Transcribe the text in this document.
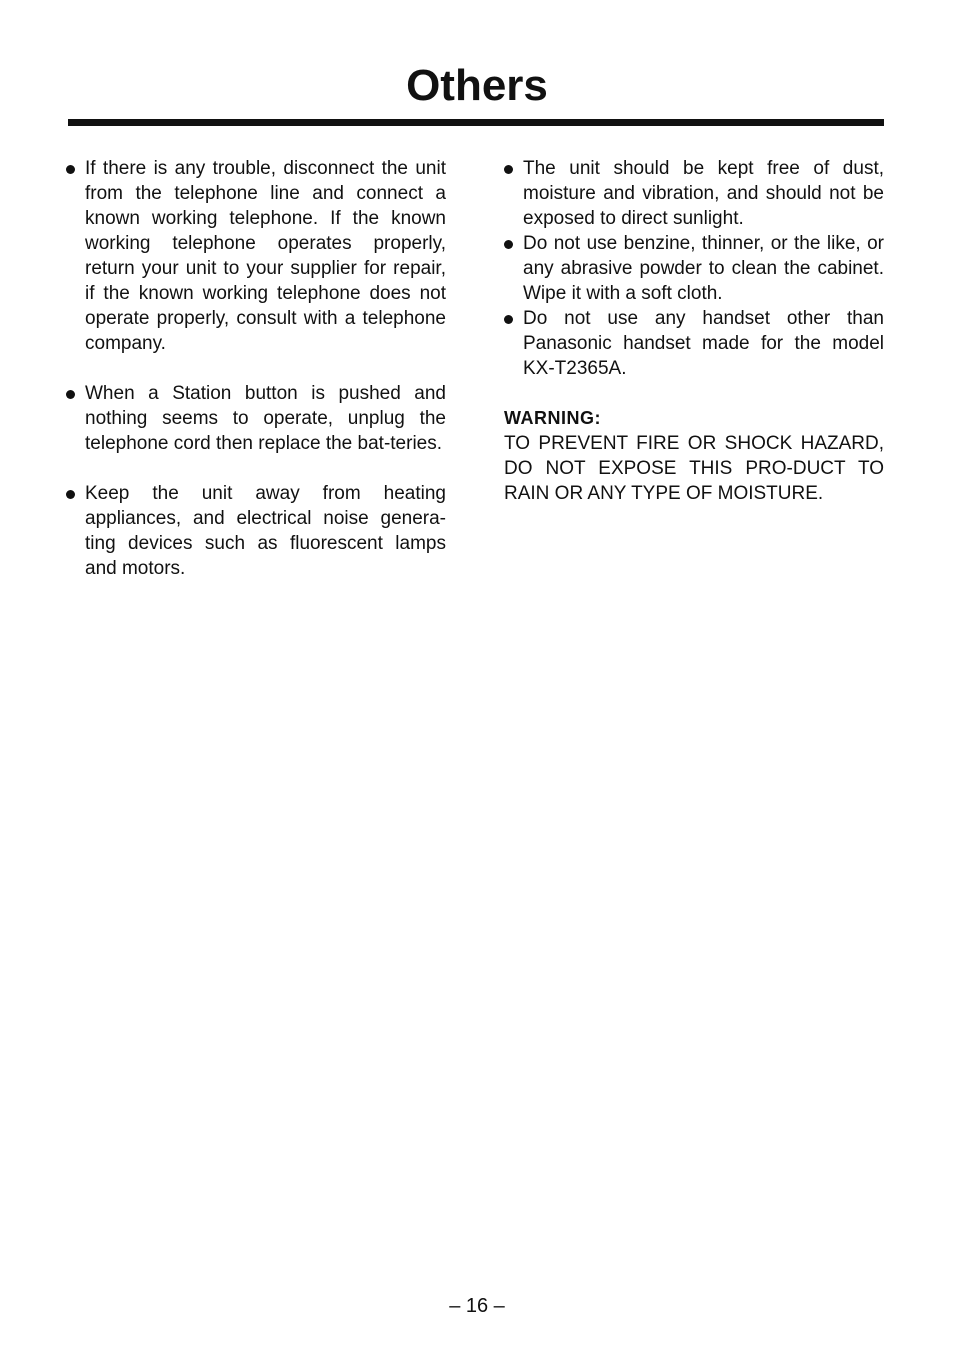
Others

If there is any trouble, disconnect the unit from the telephone line and connect a known working telephone. If the known working telephone operates properly, return your unit to your supplier for repair, if the known working telephone does not operate properly, consult with a telephone company.

When a Station button is pushed and nothing seems to operate, unplug the telephone cord then replace the bat-teries.

Keep the unit away from heating appliances, and electrical noise genera-ting devices such as fluorescent lamps and motors.

The unit should be kept free of dust, moisture and vibration, and should not be exposed to direct sunlight.

Do not use benzine, thinner, or the like, or any abrasive powder to clean the cabinet. Wipe it with a soft cloth.

Do not use any handset other than Panasonic handset made for the model KX-T2365A.

WARNING:

TO PREVENT FIRE OR SHOCK HAZARD, DO NOT EXPOSE THIS PRO-DUCT TO RAIN OR ANY TYPE OF MOISTURE.

– 16 –
